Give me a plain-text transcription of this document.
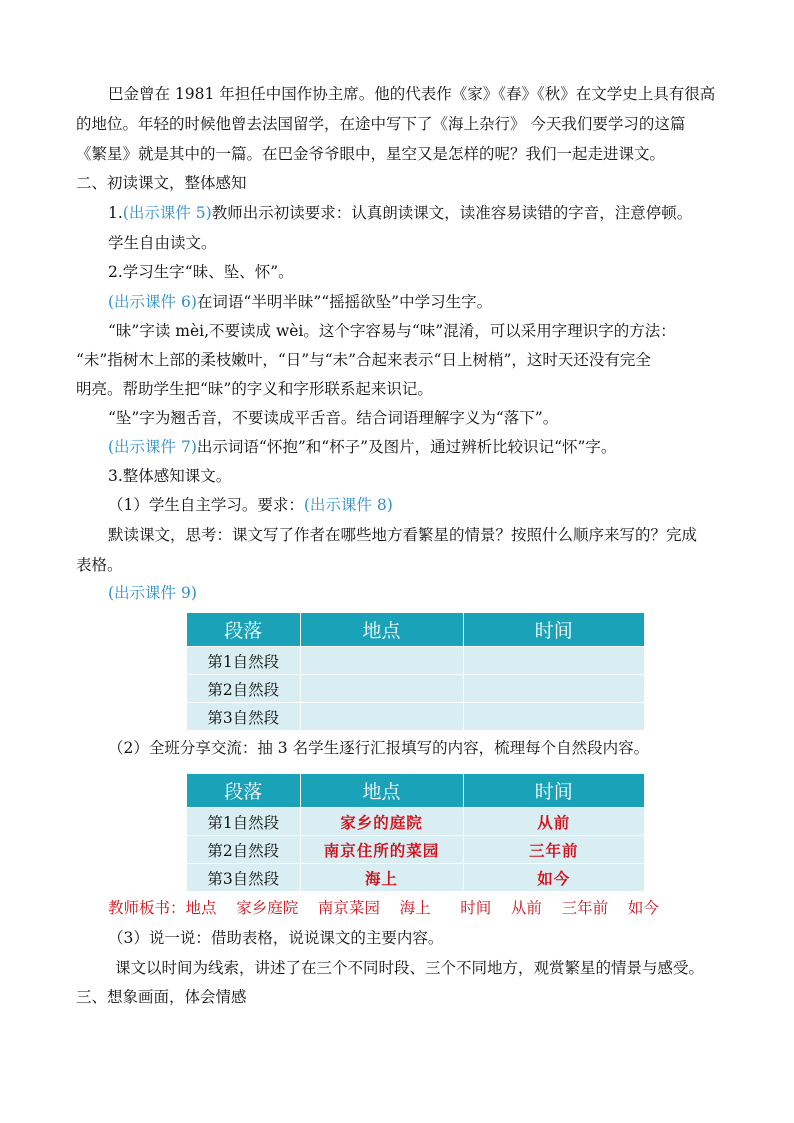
巴金曾在 1981 年担任中国作协主席。他的代表作《家》《春》《秋》在文学史上具有很高
的地位。年轻的时候他曾去法国留学，在途中写下了《海上杂行》 今天我们要学习的这篇
《繁星》就是其中的一篇。在巴金爷爷眼中，星空又是怎样的呢？我们一起走进课文。
二、初读课文，整体感知
1.(出示课件 5)教师出示初读要求：认真朗读课文，读准容易读错的字音，注意停顿。
学生自由读文。
2.学习生字“昧、坠、怀”。
(出示课件 6)在词语“半明半昧”“摇摇欲坠”中学习生字。
“昧”字读 mèi,不要读成 wèi。这个字容易与“味”混淆，可以采用字理识字的方法：
“未”指树木上部的柔枝嫩叶，“日”与“未”合起来表示“日上树梢”，这时天还没有完全
明亮。帮助学生把“昧”的字义和字形联系起来识记。
“坠”字为翘舌音，不要读成平舌音。结合词语理解字义为“落下”。
(出示课件 7)出示词语“怀抱”和“杯子”及图片，通过辨析比较识记“怀”字。
3.整体感知课文。
（1）学生自主学习。要求：(出示课件 8)
默读课文，思考：课文写了作者在哪些地方看繁星的情景？按照什么顺序来写的？完成
表格。
(出示课件 9)
段落	地点	时间
第1自然段		
第2自然段		
第3自然段		
（2）全班分享交流：抽 3 名学生逐行汇报填写的内容，梳理每个自然段内容。
段落	地点	时间
第1自然段	家乡的庭院	从前
第2自然段	南京住所的菜园	三年前
第3自然段	海上	如今
教师板书：地点    家乡庭院    南京菜园    海上 时间    从前    三年前    如今
（3）说一说：借助表格，说说课文的主要内容。
课文以时间为线索，讲述了在三个不同时段、三个不同地方，观赏繁星的情景与感受。
三、想象画面，体会情感
